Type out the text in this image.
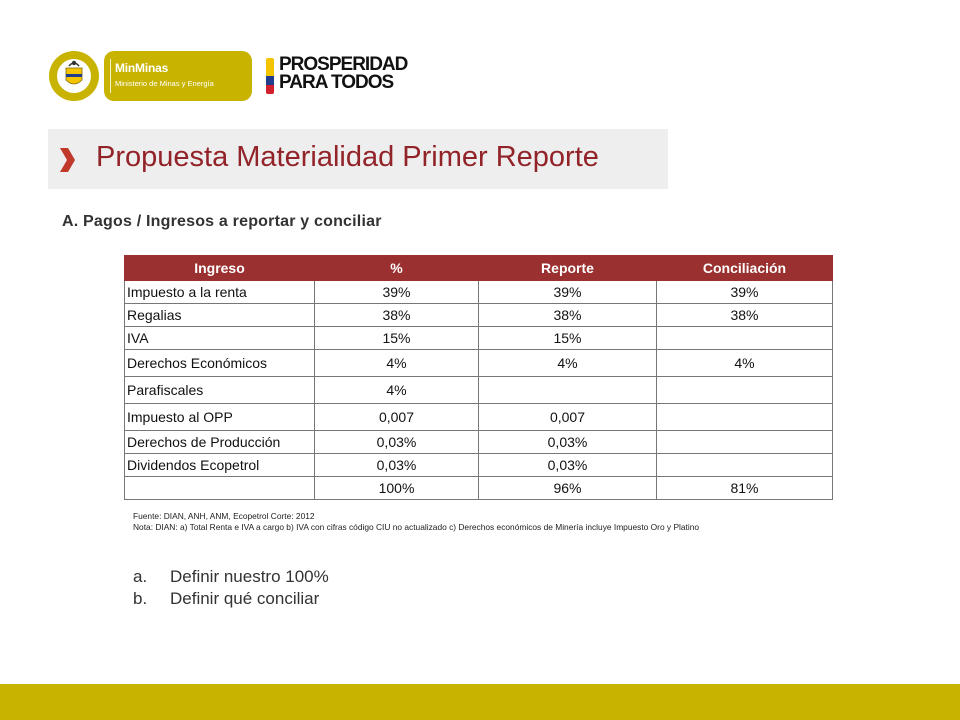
MinMinas
Ministerio de Minas y Energía
PROSPERIDAD
PARA TODOS
Propuesta Materialidad Primer Reporte
A. Pagos / Ingresos a reportar y conciliar
Ingreso	%	Reporte	Conciliación
Impuesto a la renta	39%	39%	39%
Regalias	38%	38%	38%
IVA	15%	15%	
Derechos Económicos	4%	4%	4%
Parafiscales	4%		
Impuesto al OPP	0,007	0,007	
Derechos de Producción	0,03%	0,03%	
Dividendos Ecopetrol	0,03%	0,03%	
	100%	96%	81%
Fuente: DIAN, ANH, ANM, Ecopetrol Corte: 2012
Nota: DIAN: a) Total Renta e IVA a cargo b) IVA con cifras código CIU no actualizado c) Derechos económicos de Minería incluye Impuesto Oro y Platino
a. Definir nuestro 100%
b. Definir qué conciliar
